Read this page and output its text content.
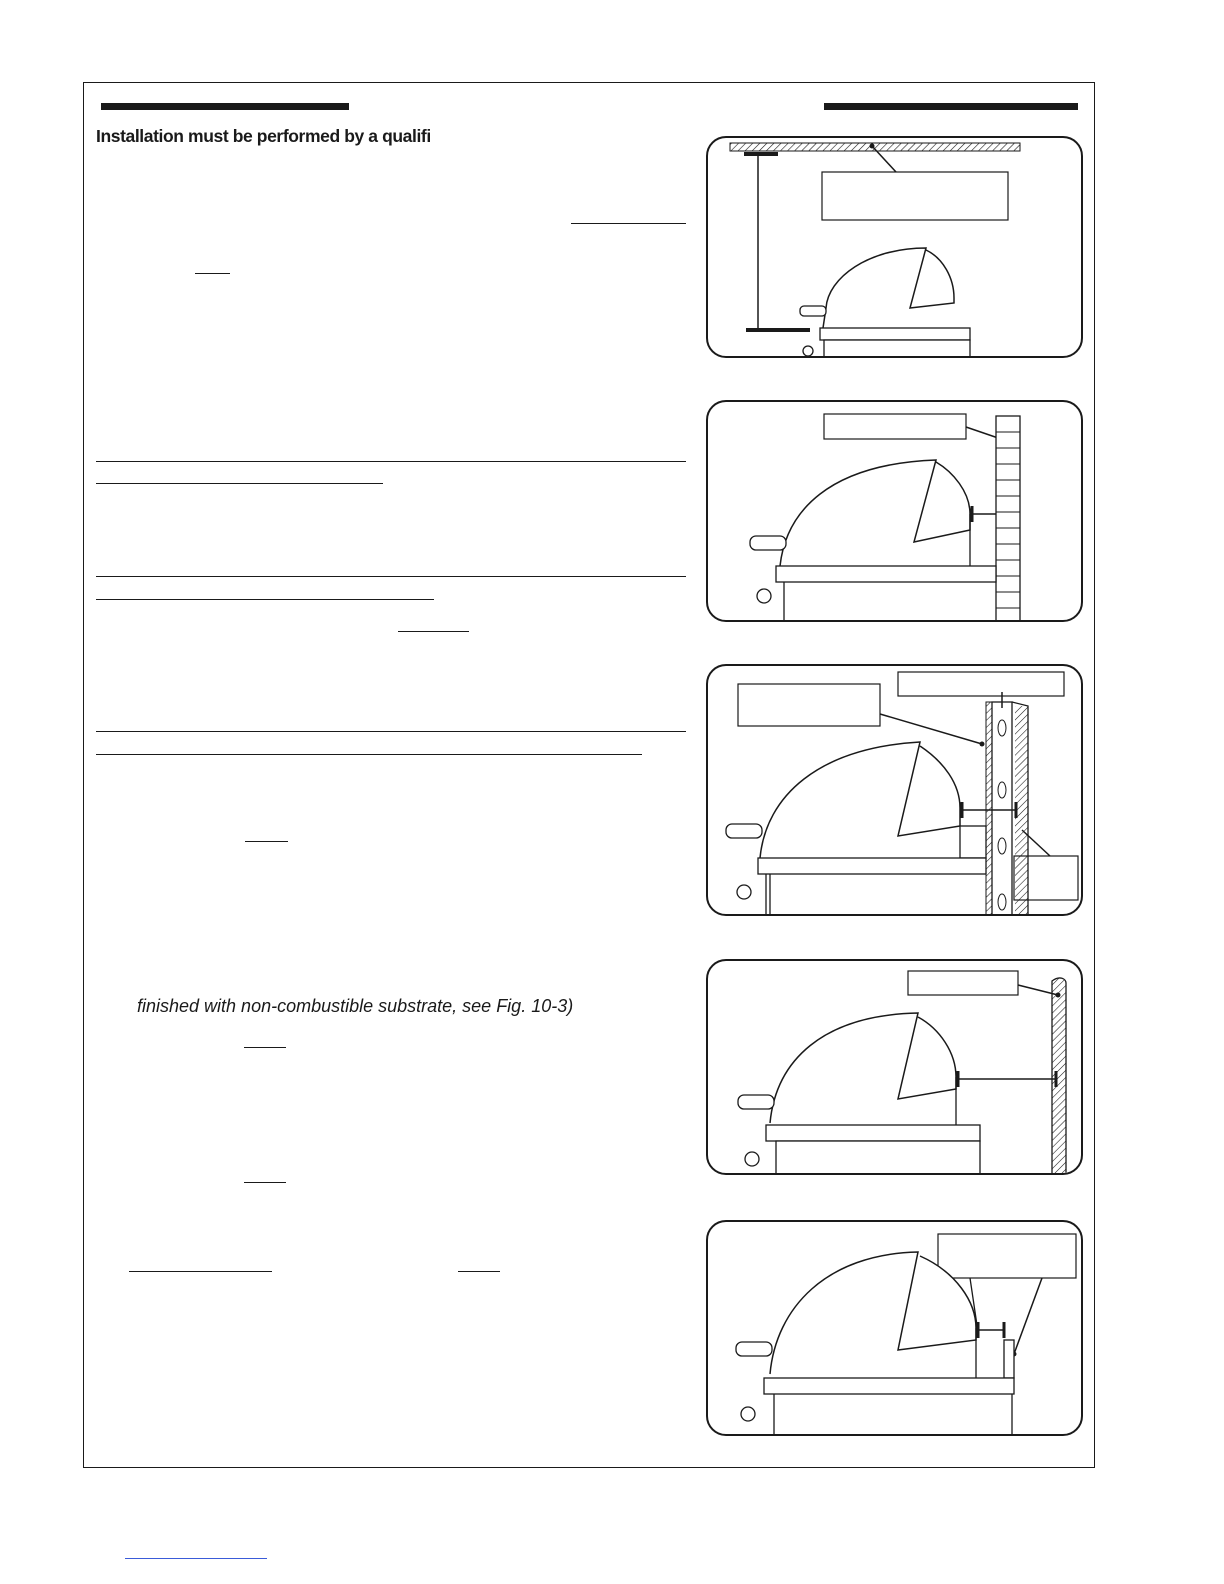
Installation must be performed by a qualifi

finished with non-combustible substrate, see Fig. 10-3)
